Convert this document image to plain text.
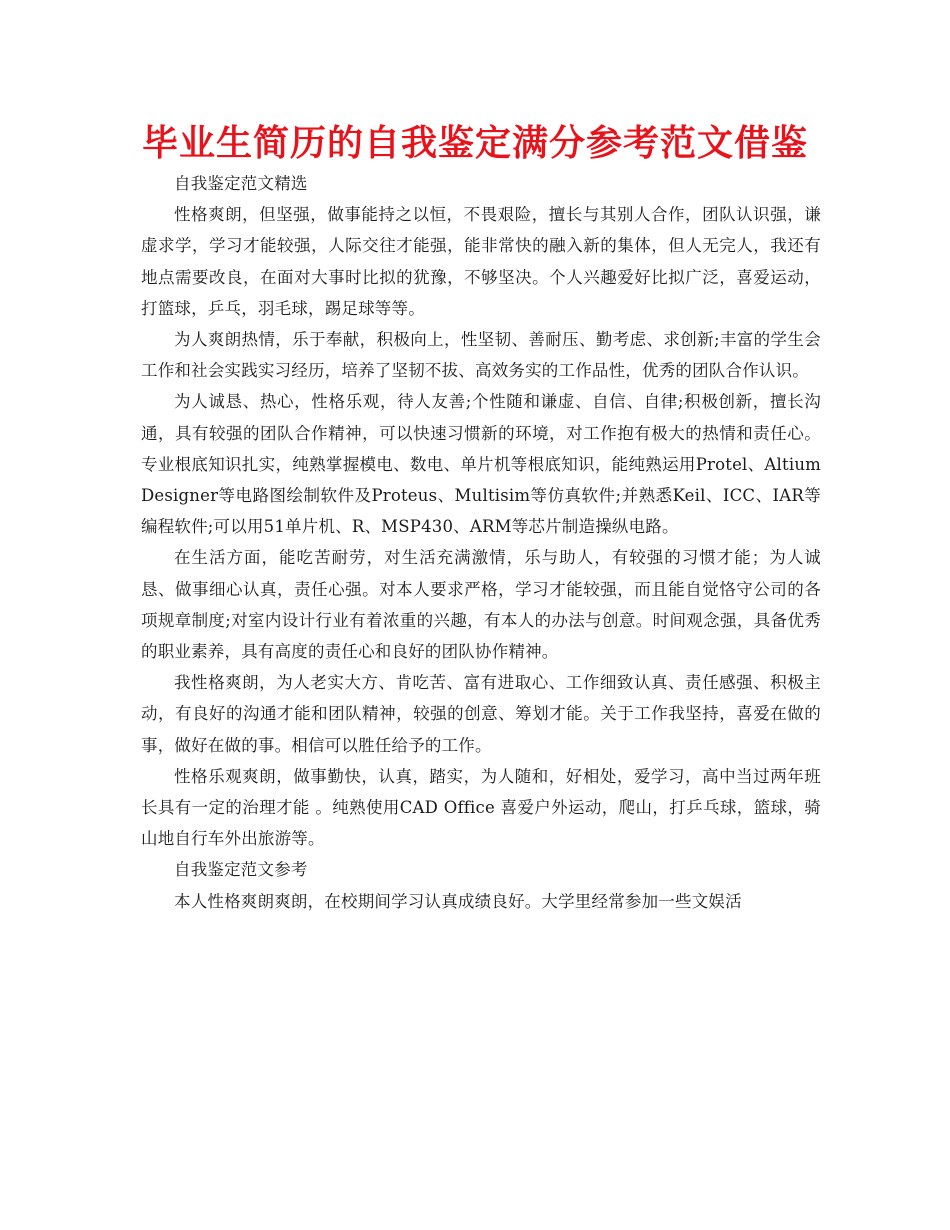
毕业生简历的自我鉴定满分参考范文借鉴

自我鉴定范文精选

性格爽朗，但坚强，做事能持之以恒，不畏艰险，擅长与其别人合作，团队认识强，谦虚求学，学习才能较强，人际交往才能强，能非常快的融入新的集体，但人无完人，我还有地点需要改良，在面对大事时比拟的犹豫，不够坚决。个人兴趣爱好比拟广泛，喜爱运动，打篮球，乒乓，羽毛球，踢足球等等。

为人爽朗热情，乐于奉献，积极向上，性坚韧、善耐压、勤考虑、求创新;丰富的学生会工作和社会实践实习经历，培养了坚韧不拔、高效务实的工作品性，优秀的团队合作认识。

为人诚恳、热心，性格乐观，待人友善;个性随和谦虚、自信、自律;积极创新，擅长沟通，具有较强的团队合作精神，可以快速习惯新的环境，对工作抱有极大的热情和责任心。专业根底知识扎实，纯熟掌握模电、数电、单片机等根底知识，能纯熟运用Protel、Altium Designer等电路图绘制软件及Proteus、Multisim等仿真软件;并熟悉Keil、ICC、IAR等编程软件;可以用51单片机、R、MSP430、ARM等芯片制造操纵电路。

在生活方面，能吃苦耐劳，对生活充满激情，乐与助人，有较强的习惯才能；为人诚恳、做事细心认真，责任心强。对本人要求严格，学习才能较强，而且能自觉恪守公司的各项规章制度;对室内设计行业有着浓重的兴趣，有本人的办法与创意。时间观念强，具备优秀的职业素养，具有高度的责任心和良好的团队协作精神。

我性格爽朗，为人老实大方、肯吃苦、富有进取心、工作细致认真、责任感强、积极主动，有良好的沟通才能和团队精神，较强的创意、筹划才能。关于工作我坚持，喜爱在做的事，做好在做的事。相信可以胜任给予的工作。

性格乐观爽朗，做事勤快，认真，踏实，为人随和，好相处，爱学习，高中当过两年班长具有一定的治理才能 。纯熟使用CAD Office 喜爱户外运动，爬山，打乒乓球，篮球，骑山地自行车外出旅游等。

自我鉴定范文参考

本人性格爽朗爽朗，在校期间学习认真成绩良好。大学里经常参加一些文娱活
